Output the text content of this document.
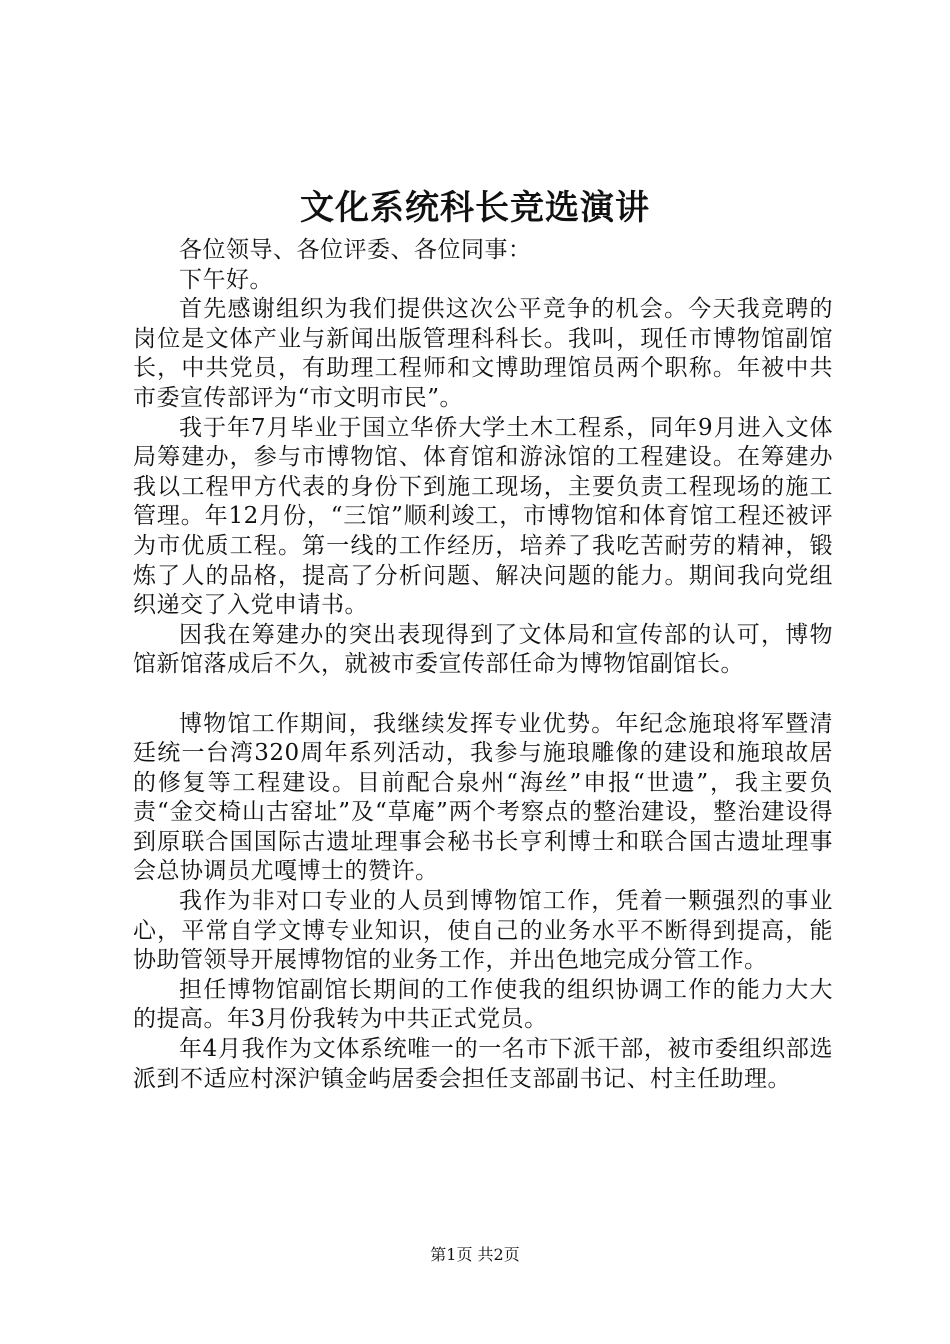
文化系统科长竞选演讲

各位领导、各位评委、各位同事：

下午好。

首先感谢组织为我们提供这次公平竞争的机会。今天我竞聘的岗位是文体产业与新闻出版管理科科长。我叫，现任市博物馆副馆长，中共党员，有助理工程师和文博助理馆员两个职称。年被中共市委宣传部评为“市文明市民”。

我于年7月毕业于国立华侨大学土木工程系，同年9月进入文体局筹建办，参与市博物馆、体育馆和游泳馆的工程建设。在筹建办我以工程甲方代表的身份下到施工现场，主要负责工程现场的施工管理。年12月份，“三馆”顺利竣工，市博物馆和体育馆工程还被评为市优质工程。第一线的工作经历，培养了我吃苦耐劳的精神，锻炼了人的品格，提高了分析问题、解决问题的能力。期间我向党组织递交了入党申请书。

因我在筹建办的突出表现得到了文体局和宣传部的认可，博物馆新馆落成后不久，就被市委宣传部任命为博物馆副馆长。

博物馆工作期间，我继续发挥专业优势。年纪念施琅将军暨清廷统一台湾320周年系列活动，我参与施琅雕像的建设和施琅故居的修复等工程建设。目前配合泉州“海丝”申报“世遗”，我主要负责“金交椅山古窑址”及“草庵”两个考察点的整治建设，整治建设得到原联合国国际古遗址理事会秘书长亨利博士和联合国古遗址理事会总协调员尤嘎博士的赞许。

我作为非对口专业的人员到博物馆工作，凭着一颗强烈的事业心，平常自学文博专业知识，使自己的业务水平不断得到提高，能协助管领导开展博物馆的业务工作，并出色地完成分管工作。

担任博物馆副馆长期间的工作使我的组织协调工作的能力大大的提高。年3月份我转为中共正式党员。

年4月我作为文体系统唯一的一名市下派干部，被市委组织部选派到不适应村深沪镇金屿居委会担任支部副书记、村主任助理。

第1页 共2页
